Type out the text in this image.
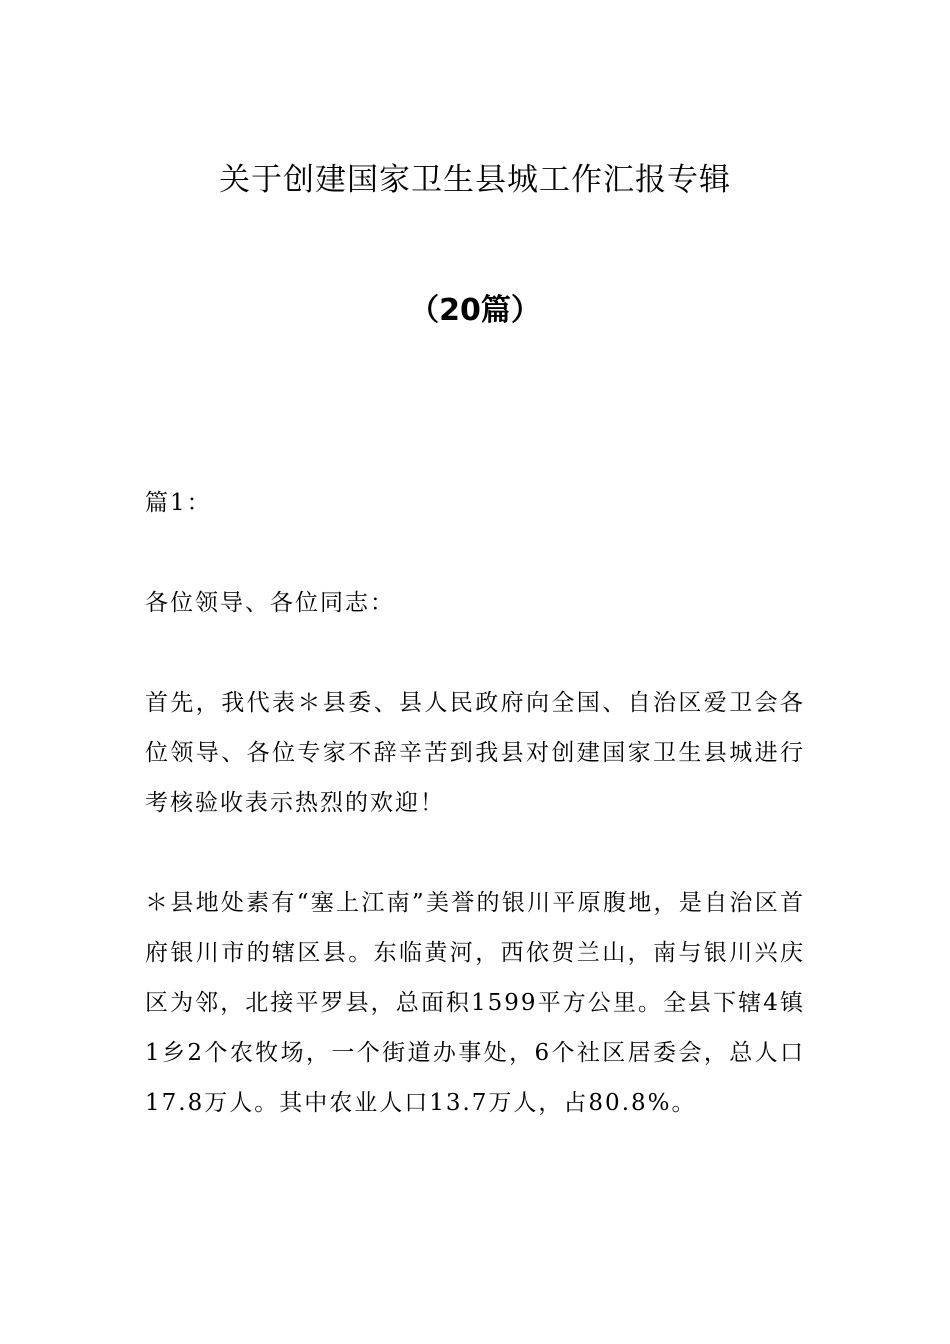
关于创建国家卫生县城工作汇报专辑
（20篇）

篇1：

各位领导、各位同志：

首先，我代表＊县委、县人民政府向全国、自治区爱卫会各位领导、各位专家不辞辛苦到我县对创建国家卫生县城进行考核验收表示热烈的欢迎！

＊县地处素有“塞上江南”美誉的银川平原腹地，是自治区首府银川市的辖区县。东临黄河，西依贺兰山，南与银川兴庆区为邻，北接平罗县，总面积1599平方公里。全县下辖4镇1乡2个农牧场，一个街道办事处，6个社区居委会，总人口17.8万人。其中农业人口13.7万人，占80.8%。
